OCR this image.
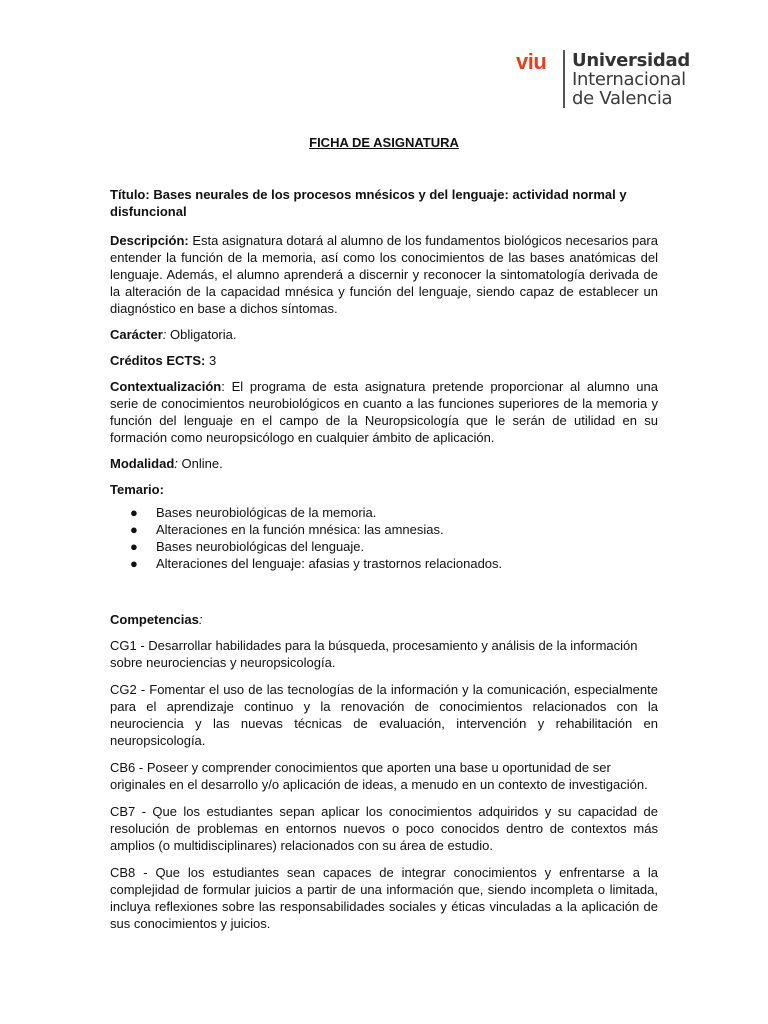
viu Universidad
Internacional
de Valencia
FICHA DE ASIGNATURA

Título: Bases neurales de los procesos mnésicos y del lenguaje: actividad normal y disfuncional

Descripción: Esta asignatura dotará al alumno de los fundamentos biológicos necesarios para entender la función de la memoria, así como los conocimientos de las bases anatómicas del lenguaje. Además, el alumno aprenderá a discernir y reconocer la sintomatología derivada de la alteración de la capacidad mnésica y función del lenguaje, siendo capaz de establecer un diagnóstico en base a dichos síntomas.

Carácter: Obligatoria.

Créditos ECTS: 3

Contextualización: El programa de esta asignatura pretende proporcionar al alumno una serie de conocimientos neurobiológicos en cuanto a las funciones superiores de la memoria y función del lenguaje en el campo de la Neuropsicología que le serán de utilidad en su formación como neuropsicólogo en cualquier ámbito de aplicación.

Modalidad: Online.

Temario:

● Bases neurobiológicas de la memoria.
● Alteraciones en la función mnésica: las amnesias.
● Bases neurobiológicas del lenguaje.
● Alteraciones del lenguaje: afasias y trastornos relacionados.

Competencias:

CG1 - Desarrollar habilidades para la búsqueda, procesamiento y análisis de la información sobre neurociencias y neuropsicología.

CG2 - Fomentar el uso de las tecnologías de la información y la comunicación, especialmente para el aprendizaje continuo y la renovación de conocimientos relacionados con la neurociencia y las nuevas técnicas de evaluación, intervención y rehabilitación en neuropsicología.

CB6 - Poseer y comprender conocimientos que aporten una base u oportunidad de ser originales en el desarrollo y/o aplicación de ideas, a menudo en un contexto de investigación.

CB7 - Que los estudiantes sepan aplicar los conocimientos adquiridos y su capacidad de resolución de problemas en entornos nuevos o poco conocidos dentro de contextos más amplios (o multidisciplinares) relacionados con su área de estudio.

CB8 - Que los estudiantes sean capaces de integrar conocimientos y enfrentarse a la complejidad de formular juicios a partir de una información que, siendo incompleta o limitada, incluya reflexiones sobre las responsabilidades sociales y éticas vinculadas a la aplicación de sus conocimientos y juicios.
